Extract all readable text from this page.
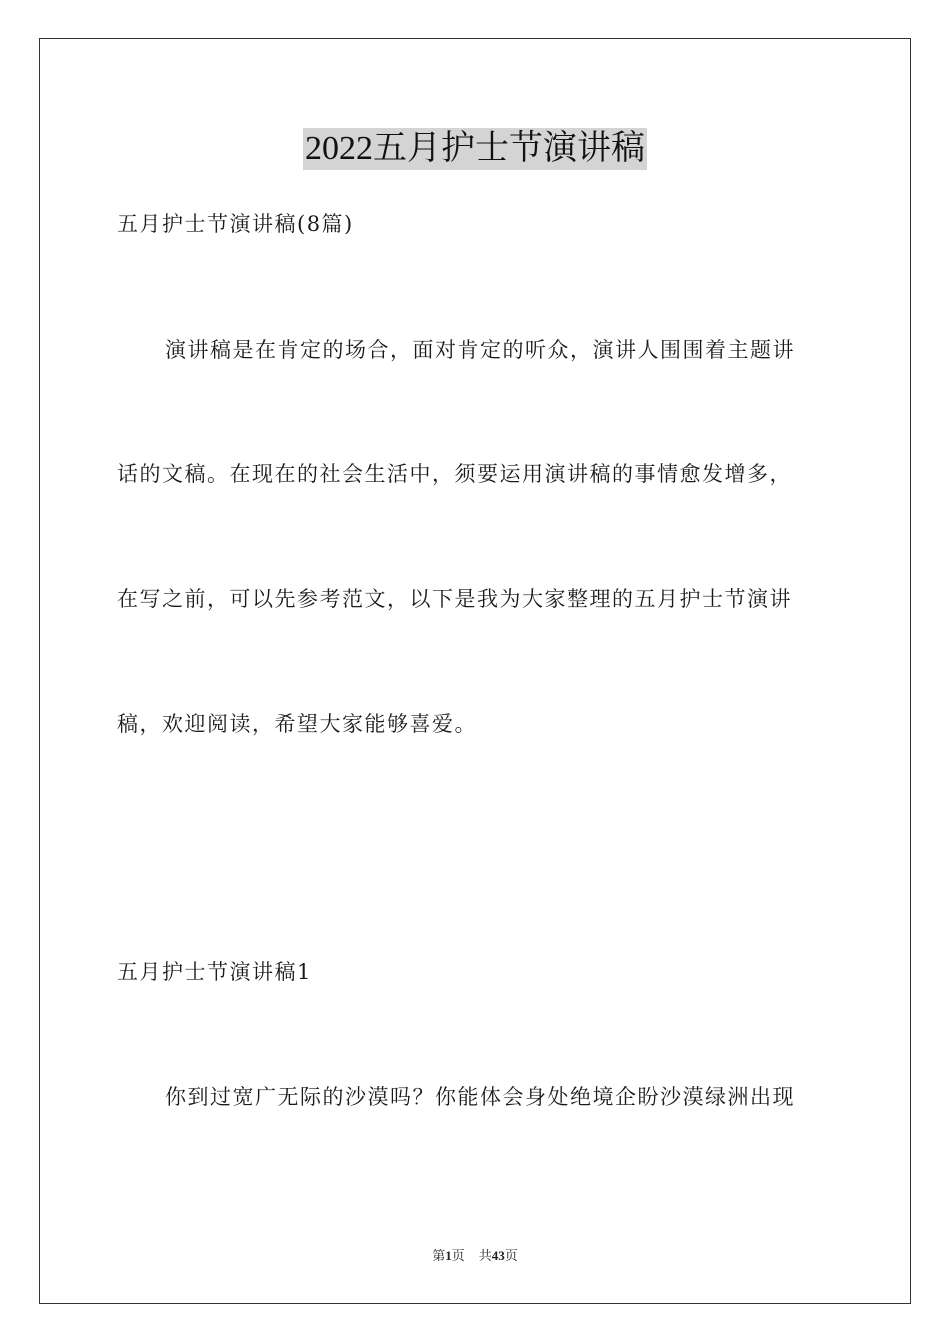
2022五月护士节演讲稿
五月护士节演讲稿(8篇)
演讲稿是在肯定的场合，面对肯定的听众，演讲人围围着主题讲
话的文稿。在现在的社会生活中，须要运用演讲稿的事情愈发增多，
在写之前，可以先参考范文，以下是我为大家整理的五月护士节演讲
稿，欢迎阅读，希望大家能够喜爱。
五月护士节演讲稿1
你到过宽广无际的沙漠吗？你能体会身处绝境企盼沙漠绿洲出现
第1页 共43页
